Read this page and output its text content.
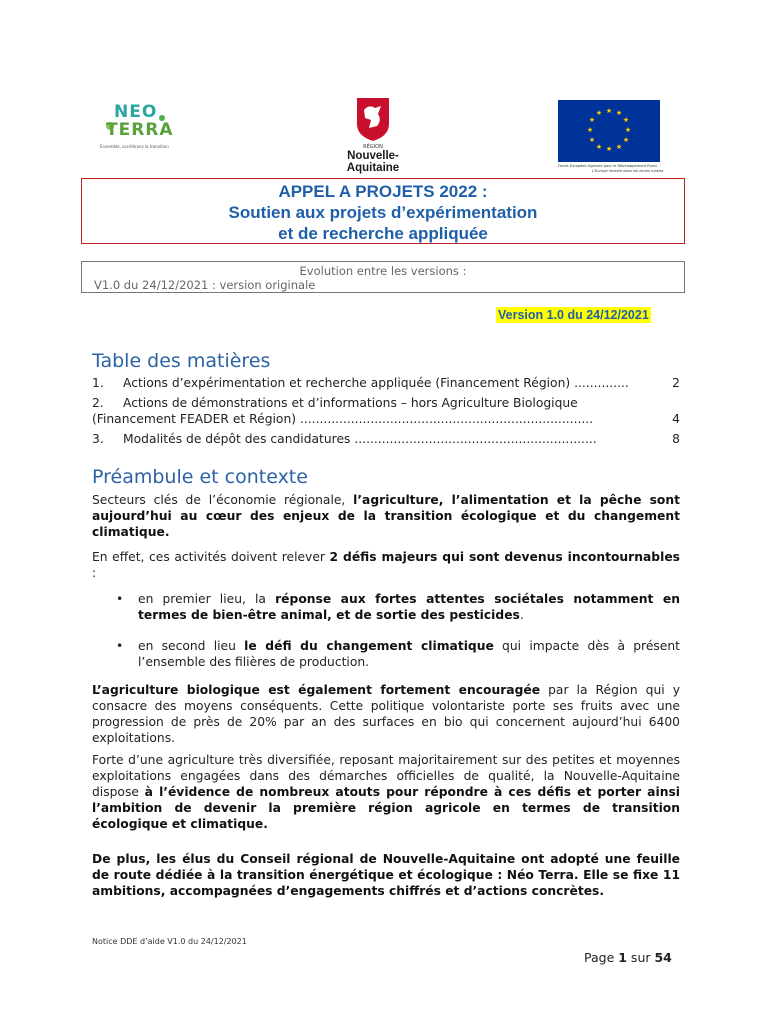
NEO
TERRA
Ensemble, accélérons la transition	RÉGION
Nouvelle-
Aquitaine
★ ★
★
★
★
★
★
★
★
★
★
★
Fonds Européen Agricole pour le Développement Rural
L'Europe investit dans les zones rurales
APPEL A PROJETS 2022 :
Soutien aux projets d’expérimentation
et de recherche appliquée
Evolution entre les versions :
V1.0 du 24/12/2021 : version originale
Version 1.0 du 24/12/2021
Table des matières
1. Actions d’expérimentation et recherche appliquée (Financement Région) ..............	2
2. Actions de démonstrations et d’informations – hors Agriculture Biologique
(Financement FEADER et Région) ...........................................................................	4
3. Modalités de dépôt des candidatures ..............................................................	8
Préambule et contexte
Secteurs clés de l’économie régionale, l’agriculture, l’alimentation et la pêche sont aujourd’hui au cœur des enjeux de la transition écologique et du changement climatique.
En effet, ces activités doivent relever 2 défis majeurs qui sont devenus incontournables :
• en premier lieu, la réponse aux fortes attentes sociétales notamment en termes de bien-être animal, et de sortie des pesticides.
• en second lieu le défi du changement climatique qui impacte dès à présent l’ensemble des filières de production.
L’agriculture biologique est également fortement encouragée par la Région qui y consacre des moyens conséquents. Cette politique volontariste porte ses fruits avec une progression de près de 20% par an des surfaces en bio qui concernent aujourd’hui 6400 exploitations.
Forte d’une agriculture très diversifiée, reposant majoritairement sur des petites et moyennes exploitations engagées dans des démarches officielles de qualité, la Nouvelle-Aquitaine dispose à l’évidence de nombreux atouts pour répondre à ces défis et porter ainsi l’ambition de devenir la première région agricole en termes de transition écologique et climatique.
De plus, les élus du Conseil régional de Nouvelle-Aquitaine ont adopté une feuille de route dédiée à la transition énergétique et écologique : Néo Terra. Elle se fixe 11 ambitions, accompagnées d’engagements chiffrés et d’actions concrètes.
Notice DDE d’aide V1.0 du 24/12/2021
Page 1 sur 54
